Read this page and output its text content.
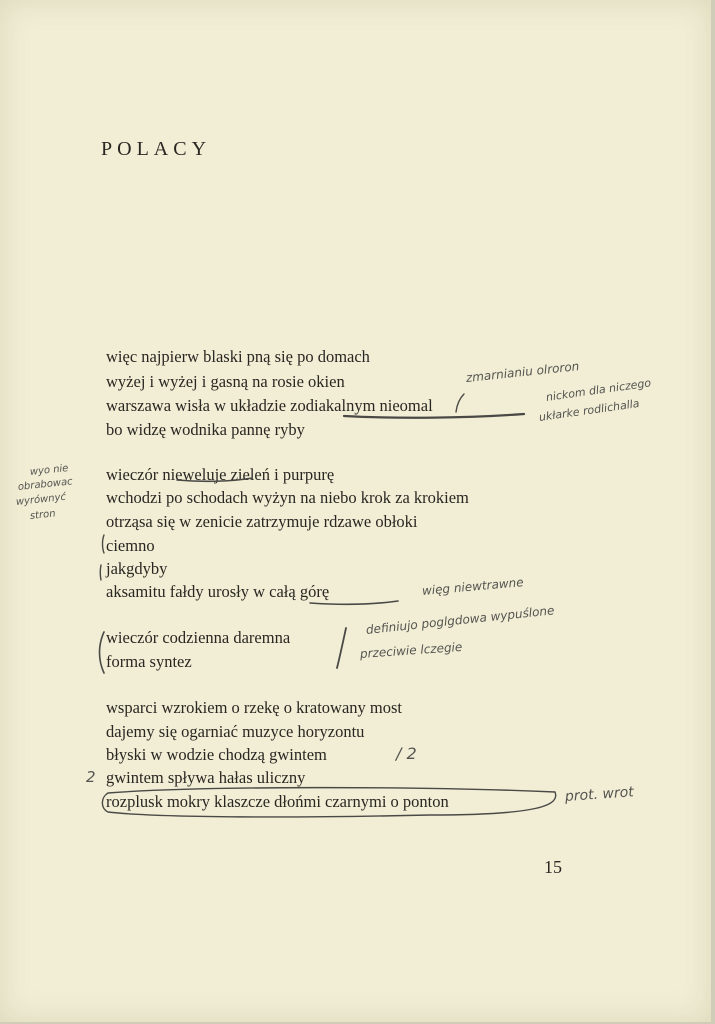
POLACY
więc najpierw blaski pną się po domach
wyżej i wyżej i gasną na rosie okien
warszawa wisła w układzie zodiakalnym nieomal
bo widzę wodnika pannę ryby
wieczór nieweluje zieleń i purpurę
wchodzi po schodach wyżyn na niebo krok za krokiem
otrząsa się w zenicie zatrzymuje rdzawe obłoki
ciemno
jakgdyby
aksamitu fałdy urosły w całą górę
wieczór codzienna daremna
forma syntez
wsparci wzrokiem o rzekę o kratowany most
dajemy się ogarniać muzyce horyzontu
błyski w wodzie chodzą gwintem
gwintem spływa hałas uliczny
rozplusk mokry klaszcze dłońmi czarnymi o ponton
15
zmarnianiu olroron
nickom dla niczego
ukłarke rodlichalla
wyo nie
obrabowac
wyrównyć
stron
więg niewtrawne
definiujo poglgdowa wypuślone
przeciwie lczegie
/ 2
2
prot. wrot
